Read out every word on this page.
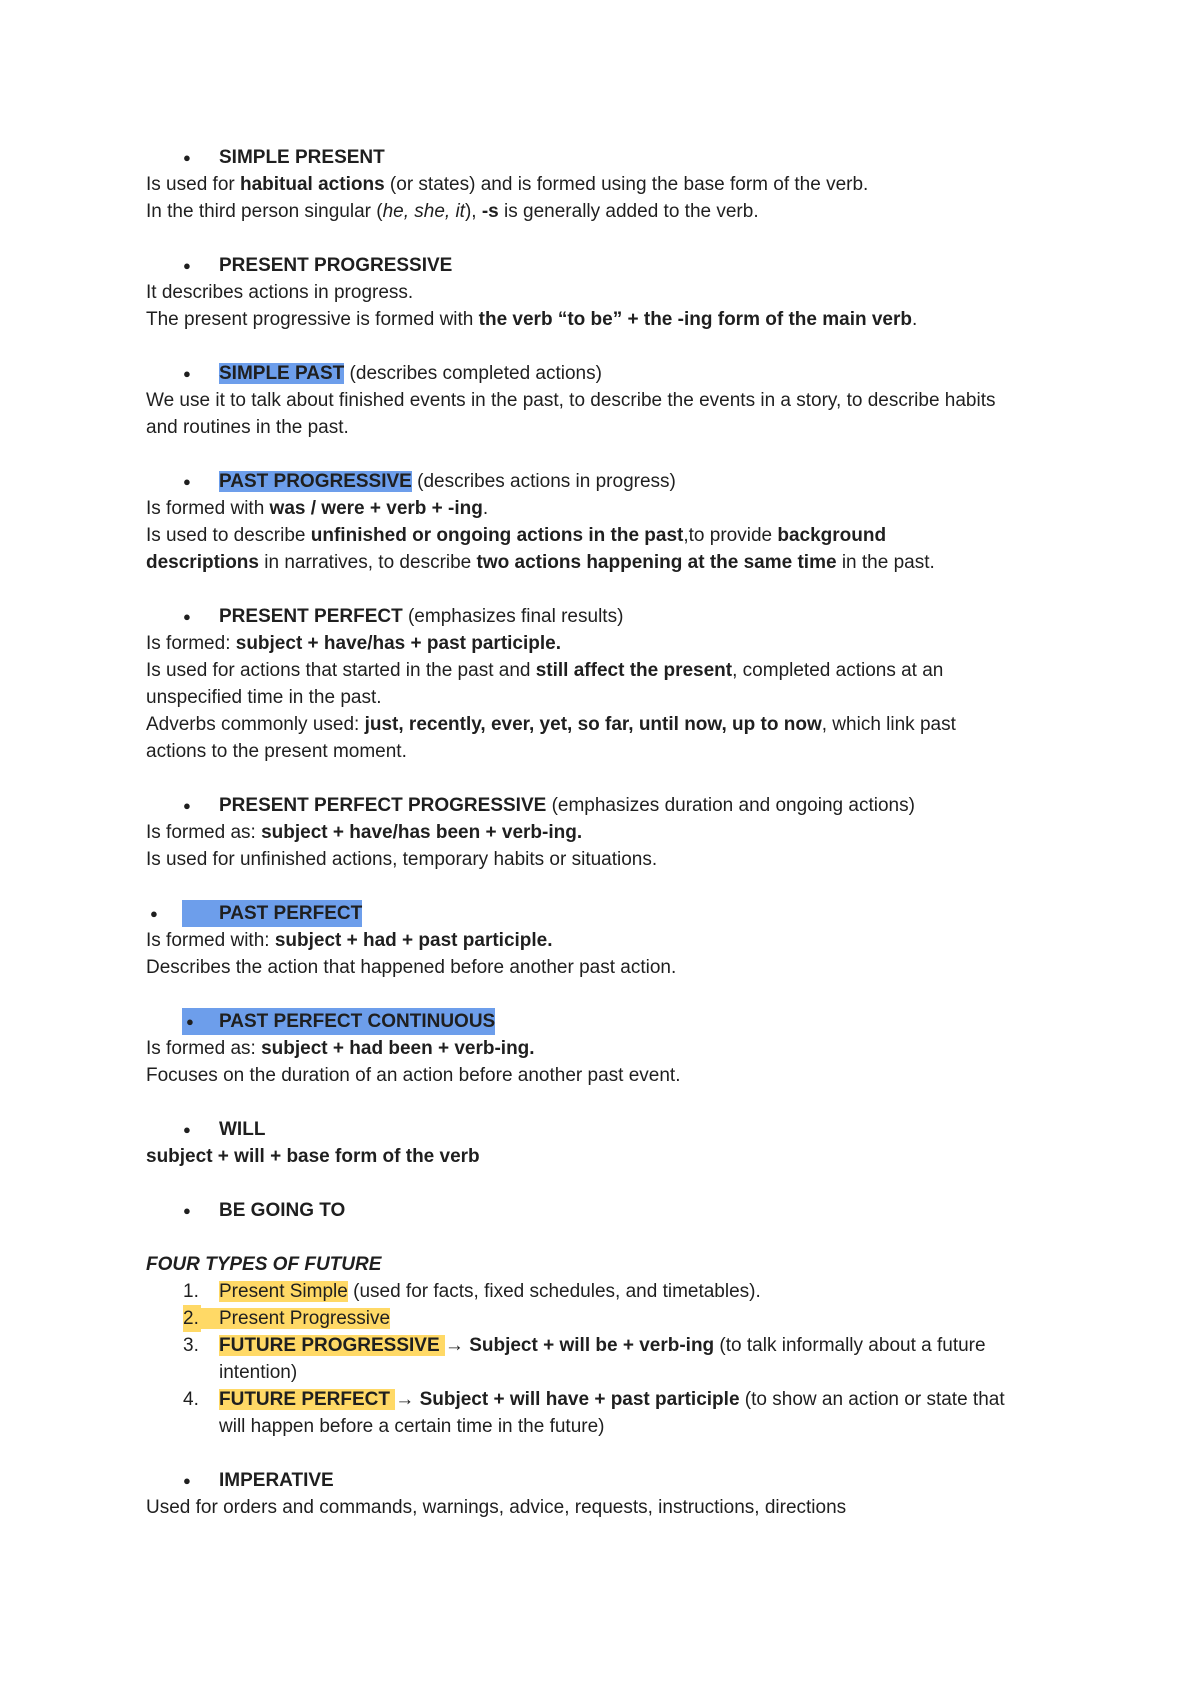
● SIMPLE PRESENT
Is used for habitual actions (or states) and is formed using the base form of the verb.
In the third person singular (he, she, it), -s is generally added to the verb.
● PRESENT PROGRESSIVE
It describes actions in progress.
The present progressive is formed with the verb “to be” + the -ing form of the main verb.
● SIMPLE PAST (describes completed actions)
We use it to talk about finished events in the past, to describe the events in a story, to describe habits
and routines in the past.
● PAST PROGRESSIVE (describes actions in progress)
Is formed with was / were + verb + -ing.
Is used to describe unfinished or ongoing actions in the past,to provide background
descriptions in narratives, to describe two actions happening at the same time in the past.
● PRESENT PERFECT (emphasizes final results)
Is formed: subject + have/has + past participle.
Is used for actions that started in the past and still affect the present, completed actions at an
unspecified time in the past.
Adverbs commonly used: just, recently, ever, yet, so far, until now, up to now, which link past
actions to the present moment.
● PRESENT PERFECT PROGRESSIVE (emphasizes duration and ongoing actions)
Is formed as: subject + have/has been + verb-ing.
Is used for unfinished actions, temporary habits or situations.
●	PAST PERFECT
Is formed with: subject + had + past participle.
Describes the action that happened before another past action.
● PAST PERFECT CONTINUOUS
Is formed as: subject + had been + verb-ing.
Focuses on the duration of an action before another past event.
● WILL
subject + will + base form of the verb
● BE GOING TO
FOUR TYPES OF FUTURE
1. Present Simple (used for facts, fixed schedules, and timetables).
2. Present Progressive
3. FUTURE PROGRESSIVE → Subject + will be + verb-ing (to talk informally about a future
intention)
4. FUTURE PERFECT → Subject + will have + past participle (to show an action or state that
will happen before a certain time in the future)
● IMPERATIVE
Used for orders and commands, warnings, advice, requests, instructions, directions
